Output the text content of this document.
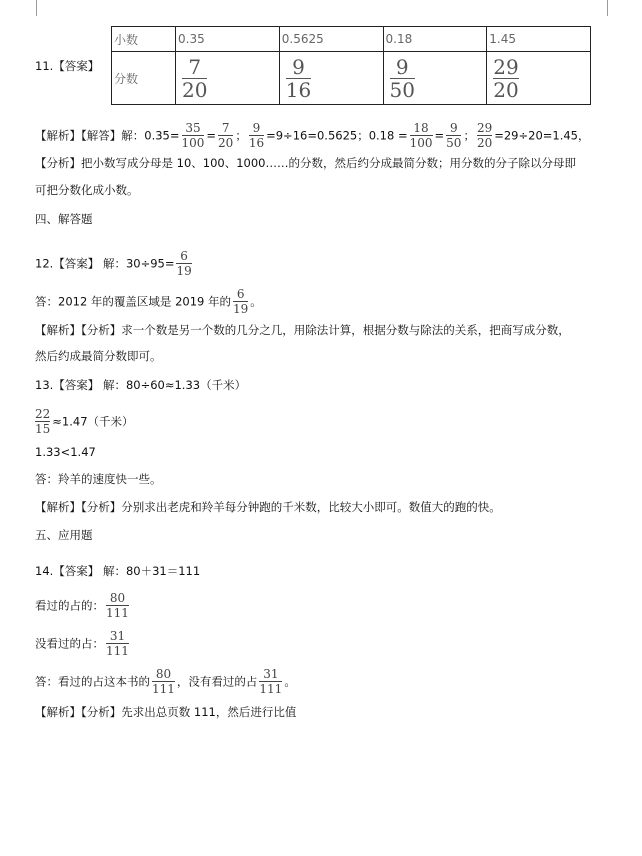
11.【答案】
小数	0.35	0.5625	0.18	1.45
分数	$\frac{7}{20}$	$\frac{9}{16}$	$\frac{9}{50}$	$\frac{29}{20}$
【解析】【解答】解：$0.35= \frac{35}{100} = \frac{7}{20}$ ； $\frac{9}{16} =9\div 16=0.5625$；$0.18 = \frac{18}{100} = \frac{9}{50}$ ； $\frac{29}{20} =29\div 20=1.45$，
【分析】把小数写成分母是 10、100、1000……的分数，然后约分成最简分数；用分数的分子除以分母即
可把分数化成小数。
四、解答题
12.【答案】 解：$30\div 95= \frac{6}{19}$
答：2012 年的覆盖区域是 2019 年的 $\frac{6}{19}$ 。
【解析】【分析】求一个数是另一个数的几分之几，用除法计算，根据分数与除法的关系，把商写成分数，
然后约成最简分数即可。
13.【答案】 解：80÷60≈1.33（千米）
$\frac{22}{15} \approx 1.47$（千米）
1.33<1.47
答：羚羊的速度快一些。
【解析】【分析】分别求出老虎和羚羊每分钟跑的千米数，比较大小即可。数值大的跑的快。
五、应用题
14.【答案】 解：80＋31＝111
看过的占的： $\frac{80}{111}$
没看过的占： $\frac{31}{111}$
答：看过的占这本书的 $\frac{80}{111}$ ，没有看过的占 $\frac{31}{111}$ 。
【解析】【分析】先求出总页数 111，然后进行比值
